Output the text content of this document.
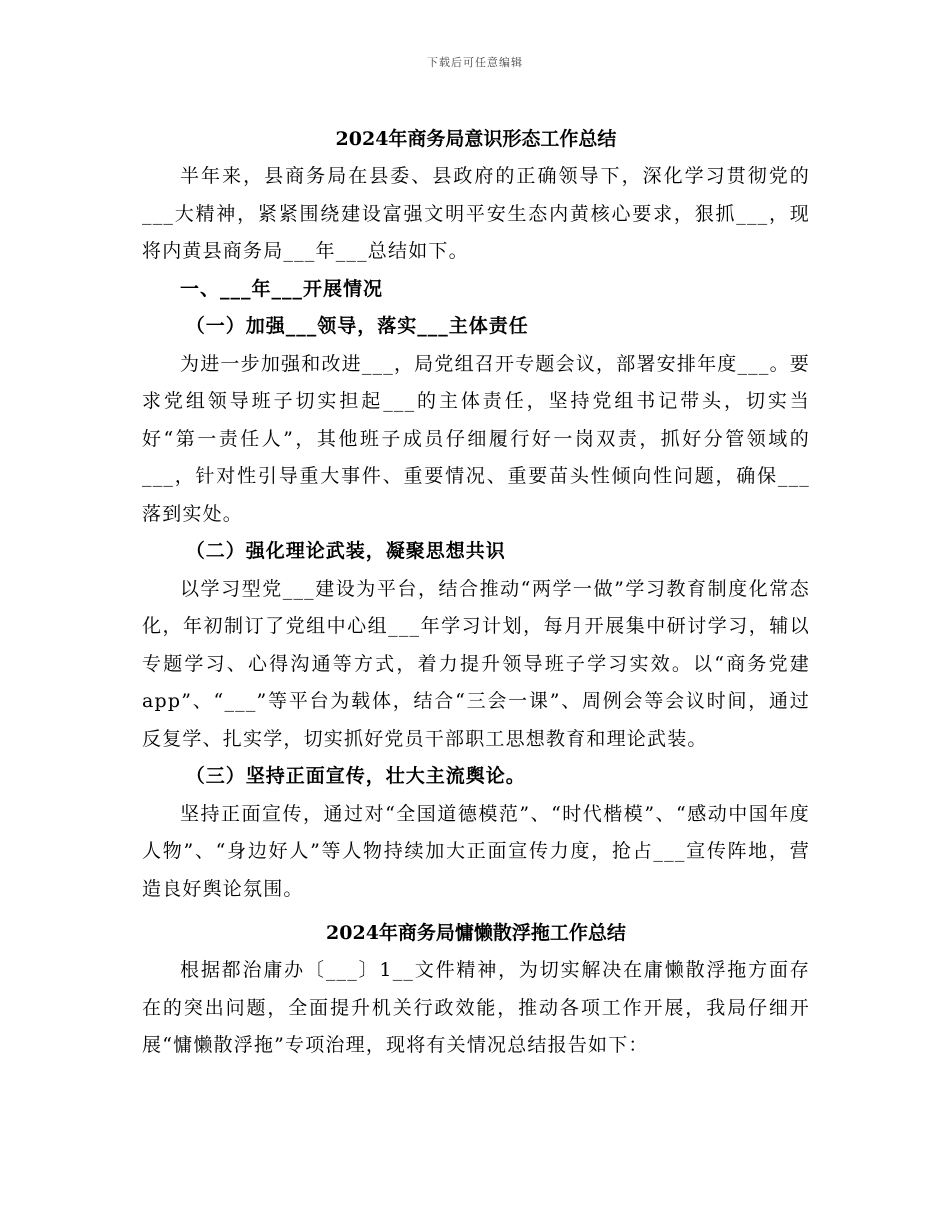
下载后可任意编辑
2024年商务局意识形态工作总结

半年来，县商务局在县委、县政府的正确领导下，深化学习贯彻党的___大精神，紧紧围绕建设富强文明平安生态内黄核心要求，狠抓___，现将内黄县商务局___年___总结如下。

一、___年___开展情况
（一）加强___领导，落实___主体责任

为进一步加强和改进___，局党组召开专题会议，部署安排年度___。要求党组领导班子切实担起___的主体责任，坚持党组书记带头，切实当好“第一责任人”，其他班子成员仔细履行好一岗双责，抓好分管领域的___，针对性引导重大事件、重要情况、重要苗头性倾向性问题，确保___落到实处。

（二）强化理论武装，凝聚思想共识

以学习型党___建设为平台，结合推动“两学一做”学习教育制度化常态化，年初制订了党组中心组___年学习计划，每月开展集中研讨学习，辅以专题学习、心得沟通等方式，着力提升领导班子学习实效。以“商务党建app”、“___”等平台为载体，结合“三会一课”、周例会等会议时间，通过反复学、扎实学，切实抓好党员干部职工思想教育和理论武装。

（三）坚持正面宣传，壮大主流舆论。

坚持正面宣传，通过对“全国道德模范”、“时代楷模”、“感动中国年度人物”、“身边好人”等人物持续加大正面宣传力度，抢占___宣传阵地，营造良好舆论氛围。

2024年商务局慵懒散浮拖工作总结

根据都治庸办〔___〕1__文件精神，为切实解决在庸懒散浮拖方面存在的突出问题，全面提升机关行政效能，推动各项工作开展，我局仔细开展“慵懒散浮拖”专项治理，现将有关情况总结报告如下：
